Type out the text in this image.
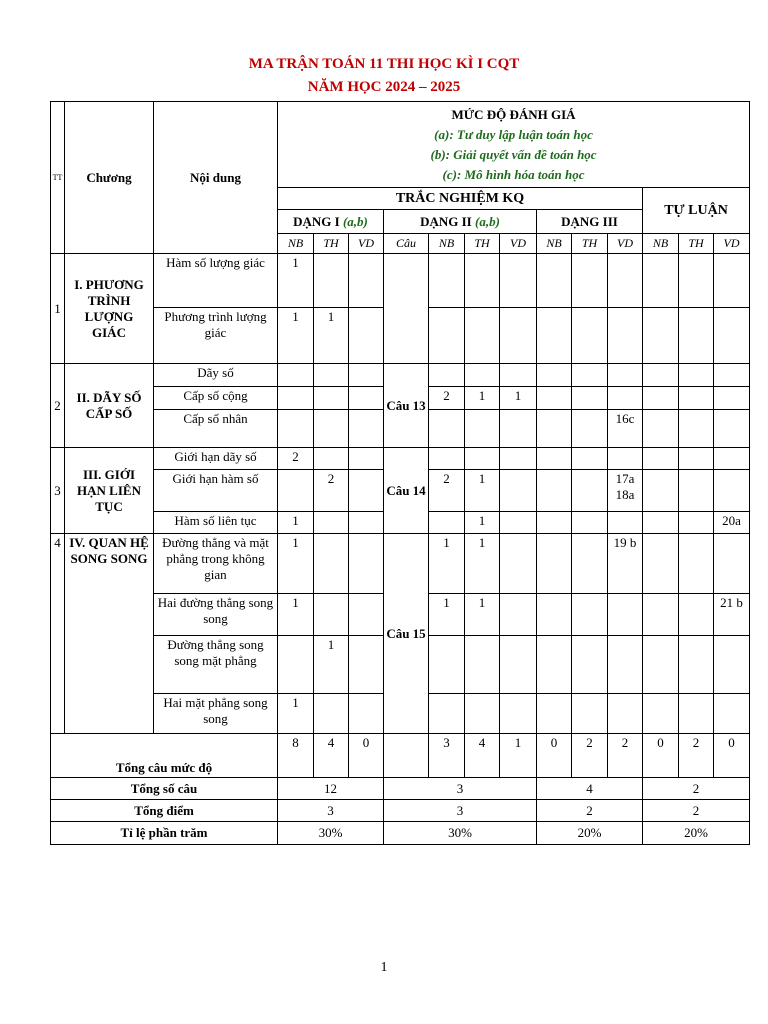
MA TRẬN TOÁN 11 THI HỌC KÌ I CQT
NĂM HỌC 2024 – 2025
TT	Chương	Nội dung	MỨC ĐỘ ĐÁNH GIÁ
(a): Tư duy lập luận toán học
(b): Giải quyết vấn đề toán học
(c): Mô hình hóa toán học												

			TRẮC NGHIỆM KQ										TỰ LUẬN		
			DẠNG I (a,b)			DẠNG II (a,b)				DẠNG III					
			NB	TH	VD	Câu	NB	TH	VD	NB	TH	VD	NB	TH	VD
1	I. PHƯƠNG TRÌNH LƯỢNG GIÁC	Hàm số lượng giác	1												
		Phương trình lượng giác	1	1											
2	II. DÃY SỐ CẤP SỐ	Dãy số				Câu 13									
		Cấp số cộng					2	1	1						
		Cấp số nhân										16c			
3	III. GIỚI HẠN LIÊN TỤC	Giới hạn dãy số	2			Câu 14									
		Giới hạn hàm số		2			2	1				17a 18a			
		Hàm số liên tục	1					1							20a
4	IV. QUAN HỆ SONG SONG	Đường thẳng và mặt phẳng trong không gian	1			Câu 15	1	1				19 b			
		Hai đường thẳng song song	1				1	1							21 b
		Đường thẳng song song mặt phẳng		1											
		Hai mặt phẳng song song	1												
Tổng câu mức độ			8	4	0		3	4	1	0	2	2	0	2	0
Tổng số câu			12			3				4			2		
Tổng điểm			3			3				2			2		
Tỉ lệ phần trăm			30%			30%				20%			20%		
1
